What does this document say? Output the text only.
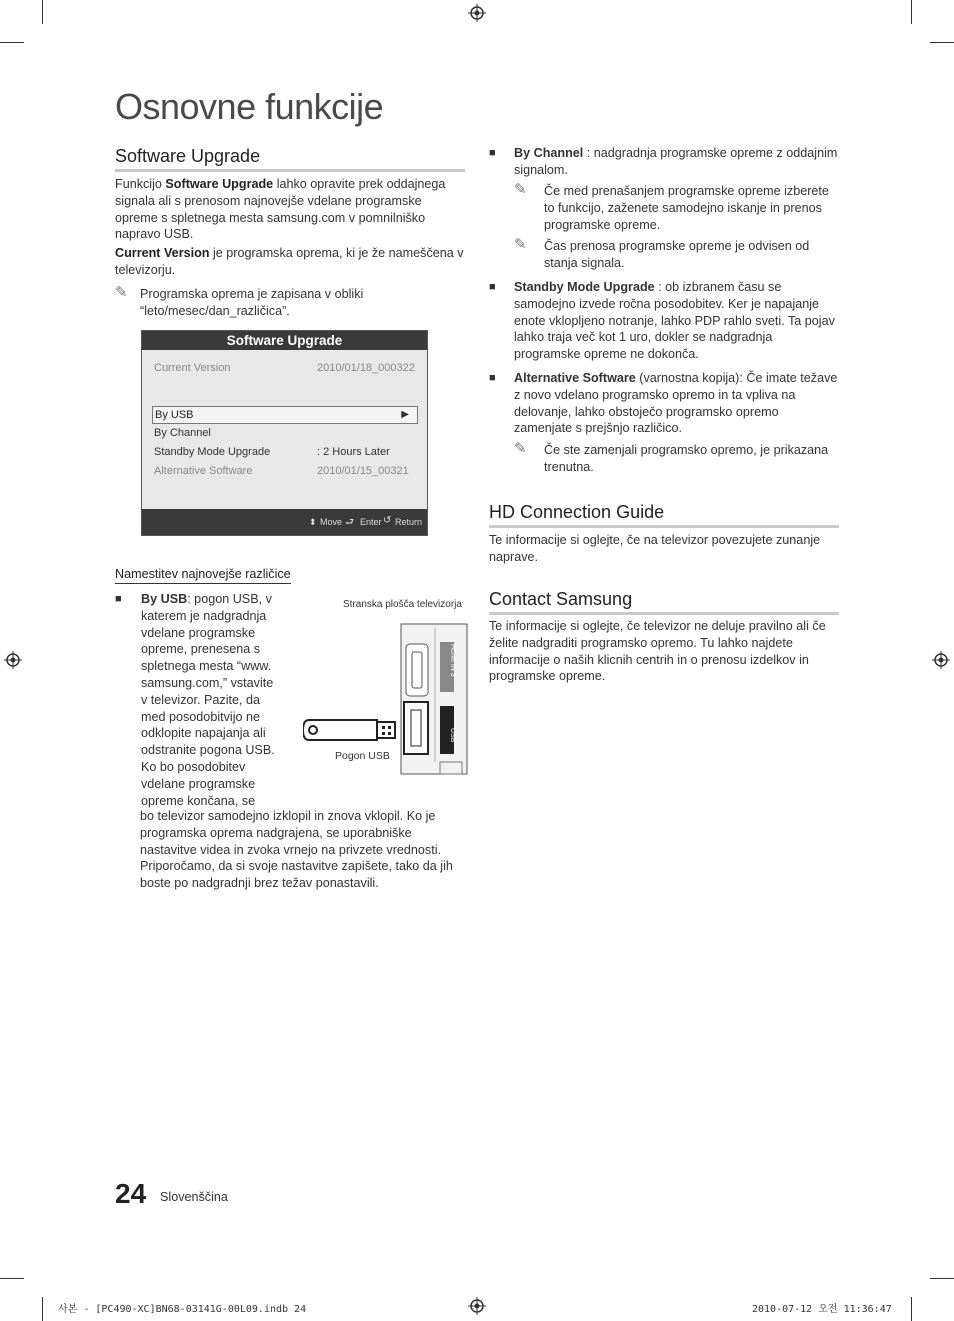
Osnovne funkcije
Software Upgrade

Funkcijo Software Upgrade lahko opravite prek oddajnega signala ali s prenosom najnovejše vdelane programske opreme s spletnega mesta samsung.com v pomnilniško napravo USB.

Current Version je programska oprema, ki je že nameščena v televizorju.

✎ Programska oprema je zapisana v obliki “leto/mesec/dan_različica”.
Software Upgrade
Current Version	2010/01/18_000322
By USB	▶
By Channel
Standby Mode Upgrade	: 2 Hours Later
Alternative Software	2010/01/15_00321
⬍ Move ⮐ Enter ↺ Return
Namestitev najnovejše različice
■ By USB: pogon USB, v katerem je nadgradnja vdelane programske opreme, prenesena s spletnega mesta “www. samsung.com,” vstavite v televizor. Pazite, da med posodobitvijo ne odklopite napajanja ali odstranite pogona USB. Ko bo posodobitev vdelane programske opreme končana, se

bo televizor samodejno izklopil in znova vklopil. Ko je programska oprema nadgrajena, se uporabniške nastavitve videa in zvoka vrnejo na privzete vrednosti. Priporočamo, da si svoje nastavitve zapišete, tako da jih boste po nadgradnji brez težav ponastavili.

Stranska plošča televizorja
HDMI IN 3
USB
Pogon USB
■ By Channel : nadgradnja programske opreme z oddajnim signalom.
✎ Če med prenašanjem programske opreme izberete to funkcijo, zaženete samodejno iskanje in prenos programske opreme.
✎ Čas prenosa programske opreme je odvisen od stanja signala.
■ Standby Mode Upgrade : ob izbranem času se samodejno izvede ročna posodobitev. Ker je napajanje enote vklopljeno notranje, lahko PDP rahlo sveti. Ta pojav lahko traja več kot 1 uro, dokler se nadgradnja programske opreme ne dokonča.
■ Alternative Software (varnostna kopija): Če imate težave z novo vdelano programsko opremo in ta vpliva na delovanje, lahko obstoječo programsko opremo zamenjate s prejšnjo različico.
✎ Če ste zamenjali programsko opremo, je prikazana trenutna.
HD Connection Guide

Te informacije si oglejte, če na televizor povezujete zunanje naprave.

Contact Samsung

Te informacije si oglejte, če televizor ne deluje pravilno ali če želite nadgraditi programsko opremo. Tu lahko najdete informacije o naših klicnih centrih in o prenosu izdelkov in programske opreme.

24 Slovenščina
사본 - [PC490-XC]BN68-03141G-00L09.indb 24	2010-07-12 오전 11:36:47
